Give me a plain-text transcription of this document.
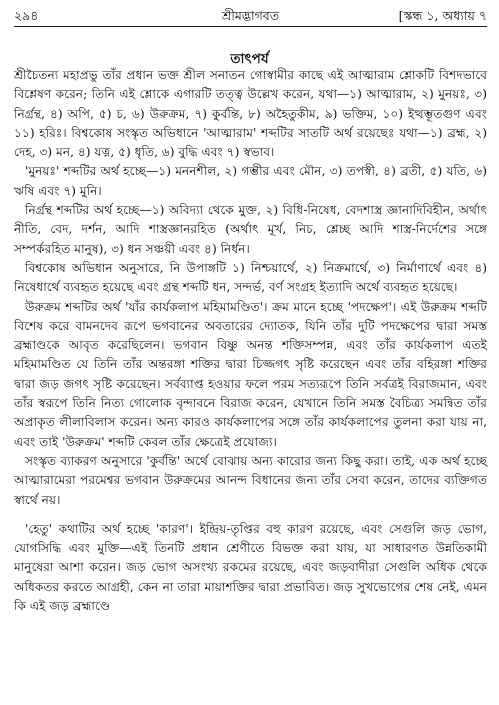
২৯৪	শ্রীমদ্ভাগবত	[স্কন্ধ ১, অধ্যায় ৭
তাৎপর্য

শ্রীচৈতন্য মহাপ্রভু তাঁর প্রধান ভক্ত শ্রীল সনাতন গোস্বামীর কাছে এই আত্মারাম শ্লোকটি বিশদভাবে বিশ্লেষণ করেন; তিনি এই শ্লোকে এগারটি তত্ত্ব উল্লেখ করেন, যথা—১) আত্মারাম, ২) মুনয়ঃ, ৩) নির্গ্রন্থ, ৪) অপি, ৫) চ, ৬) উরুক্রম, ৭) কুর্বন্তি, ৮) অহৈতুকীম, ৯) ভক্তিম, ১০) ইত্থম্ভূতগুণ এবং ১১) হরিঃ। বিশ্বকোষ সংস্কৃত অভিধানে 'আত্মারাম' শব্দটির সাতটি অর্থ রয়েছেঃ যথা—১) ব্রহ্ম, ২) দেহ, ৩) মন, ৪) যত্ন, ৫) ধৃতি, ৬) বুদ্ধি এবং ৭) স্বভাব।

'মুনয়ঃ' শব্দটির অর্থ হচ্ছে—১) মননশীল, ২) গম্ভীর এবং মৌন, ৩) তপস্বী, ৪) ব্রতী, ৫) যতি, ৬) ঋষি এবং ৭) মুনি।

নির্গ্রন্থ শব্দটির অর্থ হচ্ছে—১) অবিদ্যা থেকে মুক্ত, ২) বিধি-নিষেধ, বেদশাস্ত্র জ্ঞানাদিবিহীন, অর্থাৎ নীতি, বেদ, দর্শন, আদি শাস্ত্রজ্ঞানরহিত (অর্থাৎ মূর্খ, নিচ, শ্লেচ্ছ আদি শাস্ত্র-নির্দেশের সঙ্গে সম্পর্করহিত মানুষ), ৩) ধন সঞ্চয়ী এবং ৪) নির্ধন।

বিশ্বকোষ অভিধান অনুসারে, নি উপাঙ্গটি ১) নিশ্চয়ার্থে, ২) নিক্রমার্থে, ৩) নির্মাণার্থে এবং ৪) নিষেধার্থে ব্যবহৃত হয়েছে এবং গ্রন্থ শব্দটি ধন, সন্দর্ভ, বর্ণ সংগ্রহ ইত্যাদি অর্থে ব্যবহৃত হয়েছে।

উরুক্রম শব্দটির অর্থ 'যাঁর কার্যকলাপ মহিমামণ্ডিত'। ক্রম মানে হচ্ছে 'পদক্ষেপ'। এই উরুক্রম শব্দটি বিশেষ করে বামনদেব রূপে ভগবানের অবতারের দ্যোতক, যিনি তাঁর দুটি পদক্ষেপের দ্বারা সমস্ত ব্রহ্মাণ্ডকে আবৃত করেছিলেন। ভগবান বিষ্ণু অনন্ত শক্তিসম্পন্ন, এবং তাঁর কার্যকলাপ এতই মহিমামণ্ডিত যে তিনি তাঁর অন্তরঙ্গা শক্তির দ্বারা চিজ্জগৎ সৃষ্টি করেছেন এবং তাঁর বহিরঙ্গা শক্তির দ্বারা জড় জগৎ সৃষ্টি করেছেন। সর্বব্যাপ্ত হওয়ার ফলে পরম সত্যরূপে তিনি সর্বত্রই বিরাজমান, এবং তাঁর স্বরূপে তিনি নিত্য গোলোক বৃন্দাবনে বিরাজ করেন, যেখানে তিনি সমস্ত বৈচিত্র্য সমন্বিত তাঁর অপ্রাকৃত লীলাবিলাস করেন। অন্য কারও কার্যকলাপের সঙ্গে তাঁর কার্যকলাপের তুলনা করা যায় না, এবং তাই 'উরুক্রম' শব্দটি কেবল তাঁর ক্ষেত্রেই প্রযোজ্য।

সংস্কৃত ব্যাকরণ অনুসারে 'কুর্বন্তি' অর্থে বোঝায় অন্য কারোর জন্য কিছু করা। তাই, এক অর্থ হচ্ছে আত্মারামেরা পরমেশ্বর ভগবান উরুক্রমের আনন্দ বিধানের জন্য তাঁর সেবা করেন, তাদের ব্যক্তিগত স্বার্থে নয়।

'হেতু' কথাটির অর্থ হচ্ছে 'কারণ'। ইন্দ্রিয়-তৃপ্তির বহু কারণ রয়েছে, এবং সেগুলি জড় ভোগ, যোগসিদ্ধি এবং মুক্তি—এই তিনটি প্রধান শ্রেণীতে বিভক্ত করা যায়, যা সাধারণত উন্নতিকামী মানুষেরা আশা করেন। জড় ভোগ অসংখ্য রকমের রয়েছে, এবং জড়বাদীরা সেগুলি অধিক থেকে অধিকতর করতে আগ্রহী, কেন না তারা মায়াশক্তির দ্বারা প্রভাবিত। জড় সুখভোগের শেষ নেই, এমন কি এই জড় ব্রহ্মাণ্ডে
